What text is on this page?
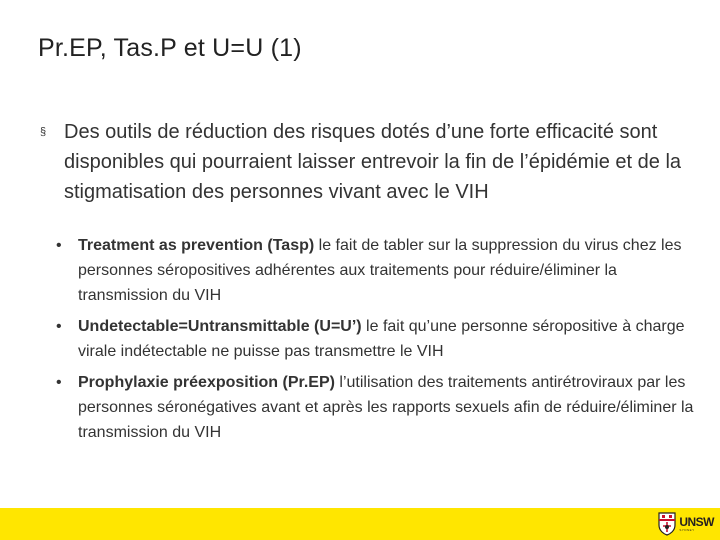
Pr.EP, Tas.P et U=U (1)
§ Des outils de réduction des risques dotés d’une forte efficacité sont disponibles qui pourraient laisser entrevoir la fin de l’épidémie et de la stigmatisation des personnes vivant avec le VIH
•	Treatment as prevention (Tasp) le fait de tabler sur la suppression du virus chez les personnes séropositives adhérentes aux traitements pour réduire/éliminer la transmission du VIH
•	Undetectable=Untransmittable (U=U’) le fait qu’une personne séropositive à charge virale indétectable ne puisse pas transmettre le VIH
•	Prophylaxie préexposition (Pr.EP) l’utilisation des traitements antirétroviraux par les personnes séronégatives avant et après les rapports sexuels afin de réduire/éliminer la transmission du VIH
UNSW
SYDNEY
